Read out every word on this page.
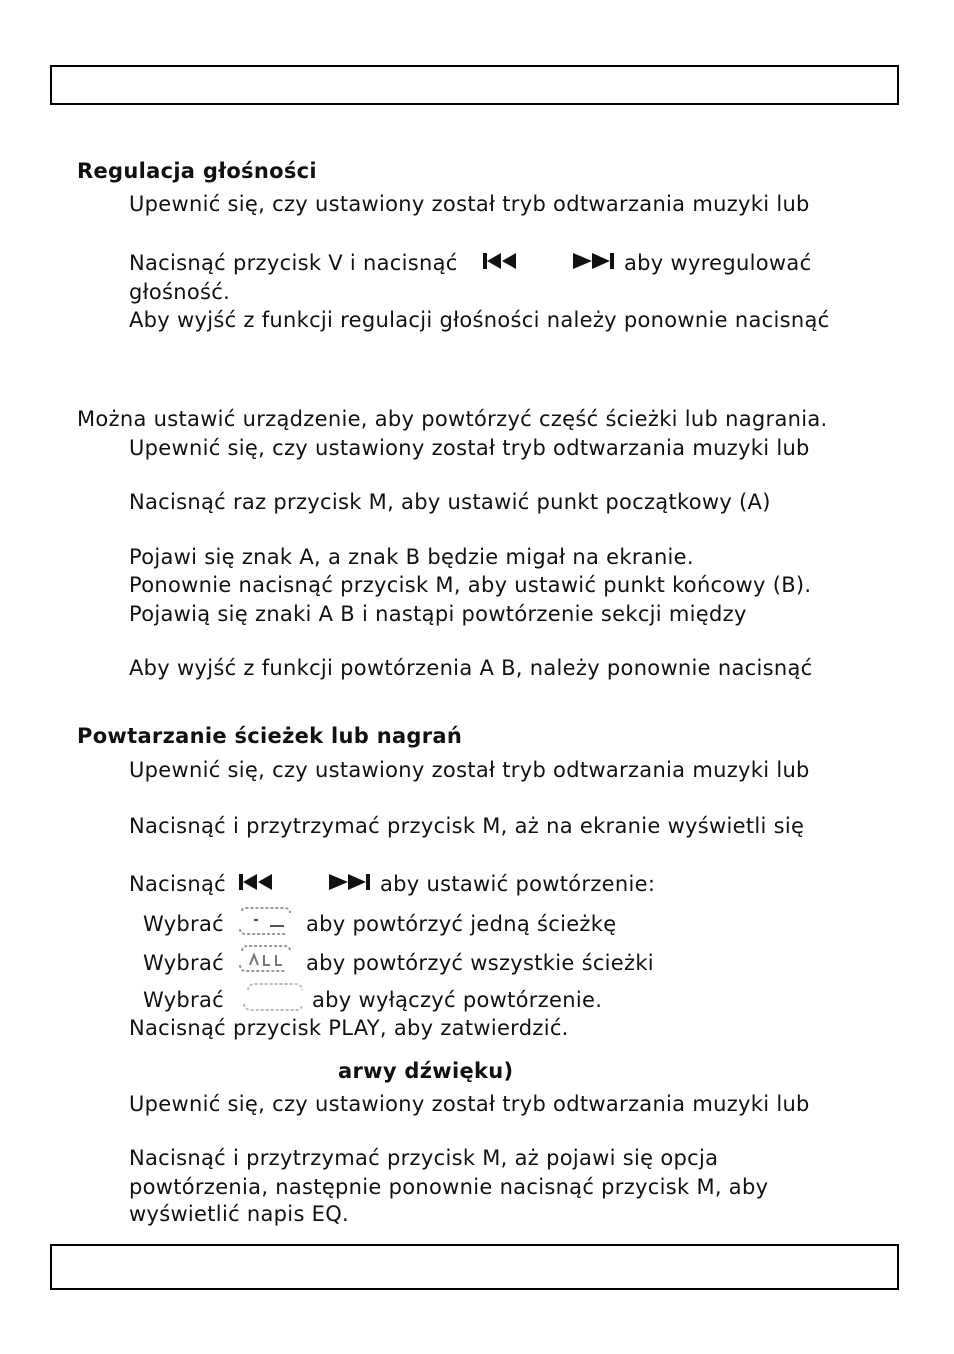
Regulacja głośności
Upewnić się, czy ustawiony został tryb odtwarzania muzyki lub
Nacisnąć przycisk V i nacisnąć	aby wyregulować
głośność.
Aby wyjść z funkcji regulacji głośności należy ponownie nacisnąć
Można ustawić urządzenie, aby powtórzyć część ścieżki lub nagrania.
Upewnić się, czy ustawiony został tryb odtwarzania muzyki lub
Nacisnąć raz przycisk M, aby ustawić punkt początkowy (A)
Pojawi się znak A, a znak B będzie migał na ekranie.
Ponownie nacisnąć przycisk M, aby ustawić punkt końcowy (B).
Pojawią się znaki A B i nastąpi powtórzenie sekcji między
Aby wyjść z funkcji powtórzenia A B, należy ponownie nacisnąć
Powtarzanie ścieżek lub nagrań
Upewnić się, czy ustawiony został tryb odtwarzania muzyki lub
Nacisnąć i przytrzymać przycisk M, aż na ekranie wyświetli się
Nacisnąć	aby ustawić powtórzenie:
Wybrać	aby powtórzyć jedną ścieżkę
Wybrać	aby powtórzyć wszystkie ścieżki
Wybrać	aby wyłączyć powtórzenie.
Nacisnąć przycisk PLAY, aby zatwierdzić.
arwy dźwięku)
Upewnić się, czy ustawiony został tryb odtwarzania muzyki lub
Nacisnąć i przytrzymać przycisk M, aż pojawi się opcja
powtórzenia, następnie ponownie nacisnąć przycisk M, aby
wyświetlić napis EQ.
